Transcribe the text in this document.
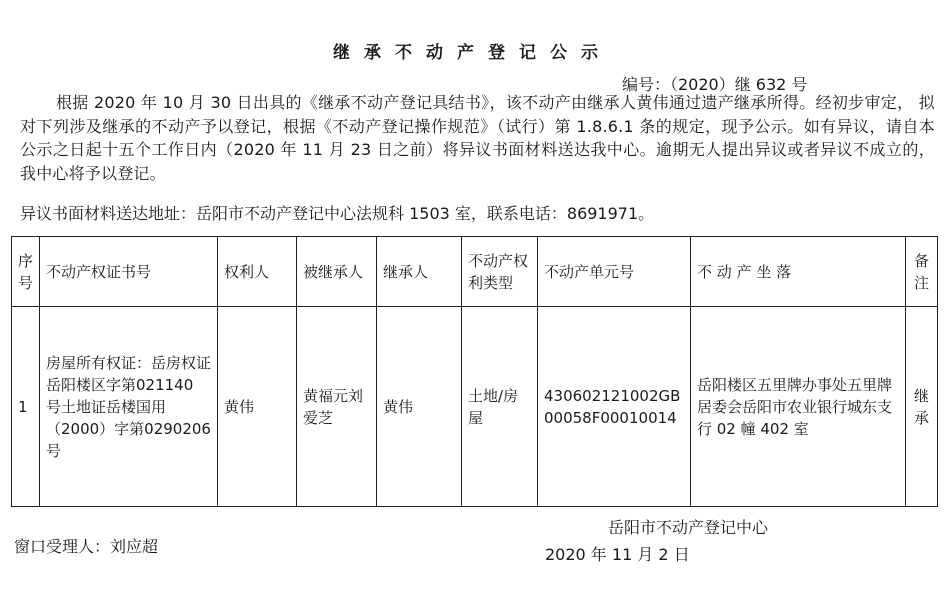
继承不动产登记公示
编号：（2020）继 632 号
根据 2020 年 10 月 30 日出具的《继承不动产登记具结书》，该不动产由继承人黄伟通过遗产继承所得。经初步审定， 拟对下列涉及继承的不动产予以登记，根据《不动产登记操作规范》（试行）第 1.8.6.1 条的规定，现予公示。如有异议，请自本公示之日起十五个工作日内（2020 年 11 月 23 日之前）将异议书面材料送达我中心。逾期无人提出异议或者异议不成立的，我中心将予以登记。
异议书面材料送达地址：岳阳市不动产登记中心法规科 1503 室，联系电话：8691971。
序号	不动产权证书号	权利人	被继承人	继承人	不动产权利类型	不动产单元号	不 动 产 坐 落	备注
1	房屋所有权证：岳房权证岳阳楼区字第021140 号土地证岳楼国用（2000）字第0290206 号	黄伟	黄福元刘爱芝	黄伟	土地/房屋	430602121002GB00058F00010014	岳阳楼区五里牌办事处五里牌居委会岳阳市农业银行城东支行 02 幢 402 室	继承
窗口受理人：刘应超
岳阳市不动产登记中心
2020 年 11 月 2 日
